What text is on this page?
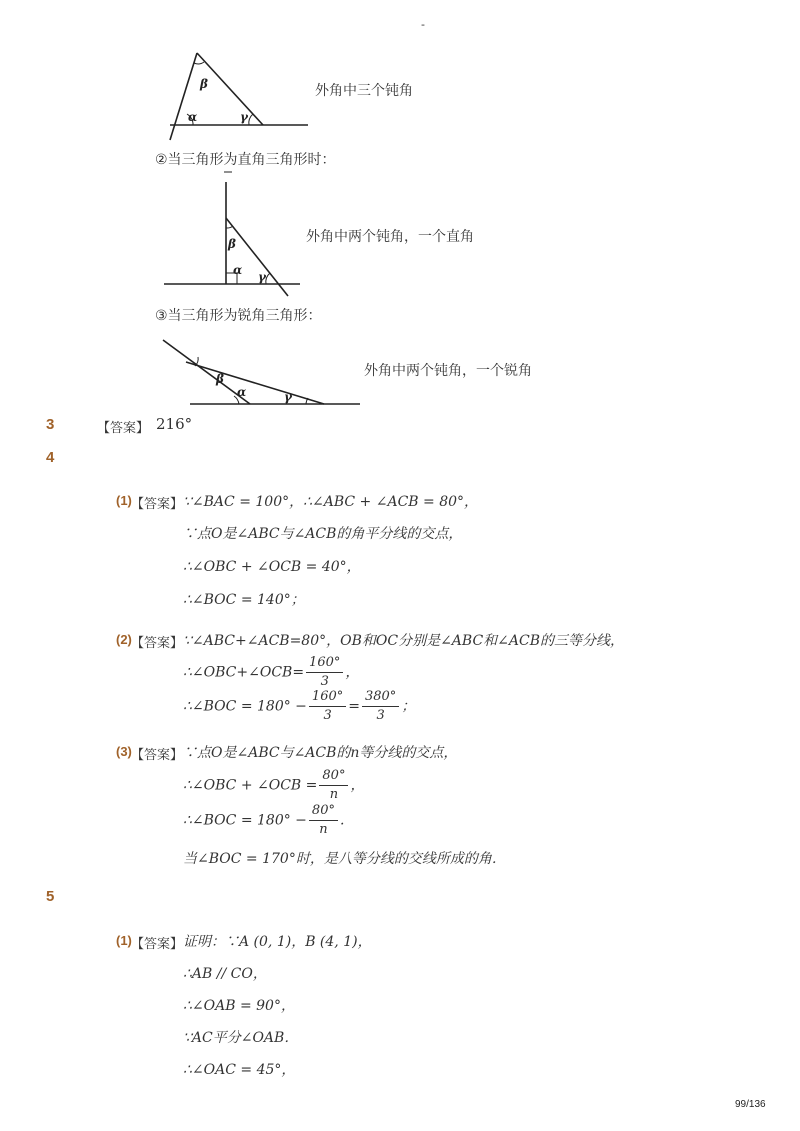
-
β
α	γ
外角中三个钝角
②当三角形为直角三角形时：
β
α γ
外角中两个钝角，一个直角
③当三角形为锐角三角形：
β
α	γ
外角中两个钝角，一个锐角
3	【答案】 216°
4
(1) 【答案】 ∵∠BAC = 100°，∴∠ABC + ∠ACB = 80°，
∵点O是∠ABC与∠ACB的角平分线的交点，
∴∠OBC + ∠OCB = 40°，
∴∠BOC = 140°；
(2) 【答案】 ∵∠ABC+∠ACB=80°，OB和OC分别是∠ABC和∠ACB的三等分线，
∴∠OBC+∠OCB= $\frac{160^\circ}{3}$ ，
∴∠BOC = $180^\circ - \frac{160^\circ}{3} = \frac{380^\circ}{3}$ ；
(3) 【答案】 ∵点O是∠ABC与∠ACB的n等分线的交点，
∴∠OBC + ∠OCB = $\frac{80^\circ}{n}$ ，
∴∠BOC = $180^\circ - \frac{80^\circ}{n}$ .
当∠BOC = 170°时，是八等分线的交线所成的角．
5
(1) 【答案】 证明：∵A (0, 1)，B (4, 1)，
∴AB // CO，
∴∠OAB = 90°，
∵AC平分∠OAB．
∴∠OAC = 45°，
99/136
